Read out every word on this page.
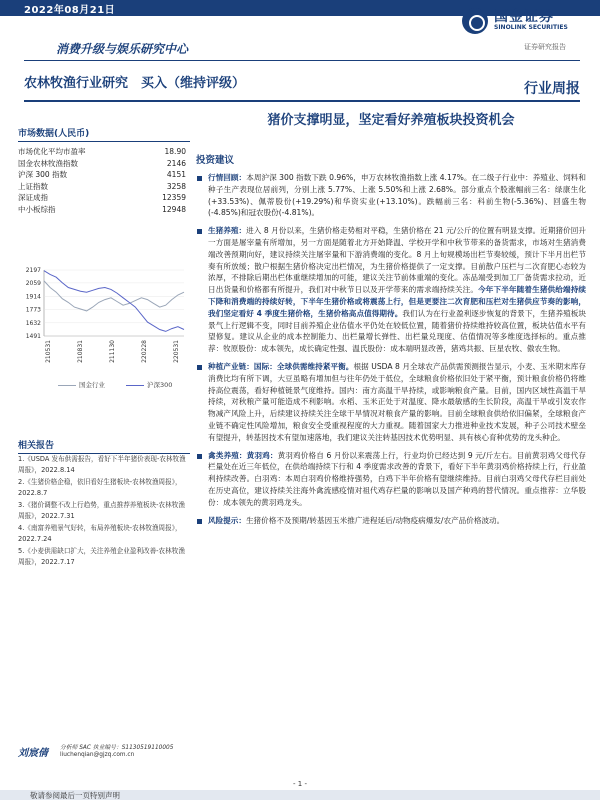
2022年08月21日	国金证券
SINOLINK SECURITIES
证券研究报告
消费升级与娱乐研究中心
农林牧渔行业研究　买入（维持评级）	行业周报
市场数据(人民币)
市场优化平均市盈率	18.90
国金农林牧渔指数	2146
沪深 300 指数	4151
上证指数	3258
深证成指	12359
中小板综指	12948
2197
2059
1914
1773
1632
1491
210531	210831	211130	220228	220531
国金行业	沪深300
相关报告
1.《USDA 发布供需报告，看好下半年猪价表现-农林牧渔周报》，2022.8.14
2.《生猪价格企稳，依旧看好生猪板块-农林牧渔周报》，2022.8.7
3.《猪价调整不改上行趋势，重点推荐养殖板块-农林牧渔周报》，2022.7.31
4.《南富养殖景气好转，布局养殖板块-农林牧渔周报》，2022.7.24
5.《小麦供需缺口扩大，关注养殖企业盈利改善-农林牧渔周报》，2022.7.17
刘宸倩 分析师 SAC 执业编号：S1130519110005
liuchenqian@gjzq.com.cn
猪价支撑明显，坚定看好养殖板块投资机会
投资建议
行情回顾：本周沪深 300 指数下跌 0.96%，申万农林牧渔指数上涨 4.17%。在二级子行业中：养殖业、饲料和种子生产表现位居前列，分别上涨 5.77%、上涨 5.50%和上涨 2.68%。部分重点个股涨幅前三名：绿康生化(+33.53%)、佩蒂股份(+19.29%)和华资实业(+13.10%)。跌幅前三名：科前生物(-5.36%)、回盛生物(-4.85%)和冠农股份(-4.81%)。
生猪养殖：进入 8 月份以来，生猪价格走势相对平稳，生猪价格在 21 元/公斤的位置有明显支撑。近期猪价回升一方面是屠宰量有所增加，另一方面是随着北方开始降温、学校开学和中秋节带来的备货需求，市场对生猪消费端改善预期向好，建议持续关注屠宰量和下游消费端的变化。8 月上旬规模场出栏节奏较缓，预计下半月出栏节奏有所放缓；散户根据生猪价格决定出栏情况，为生猪价格提供了一定支撑。目前散户压栏与二次育肥心态较为浓厚，不排除后期出栏体重继续增加的可能，建议关注节前体重端的变化。冻品端受到加工厂备货需求拉动，近日出货量和价格都有所提升，我们对中秋节日以及开学带来的需求端持续关注。今年下半年随着生猪供给端持续下降和消费端的持续好转，下半年生猪价格或将震荡上行，但是更要注二次育肥和压栏对生猪供应节奏的影响，我们坚定看好 4 季度生猪价格，生猪价格高点值得期待。我们认为在行业盈利逐步恢复的背景下，生猪养殖板块景气上行逻辑不变，同时目前养殖企业估值水平仍处在较低位置，随着猪价持续维持较高位置，板块估值水平有望修复。建议从企业的成本控制能力、出栏量增长弹性、出栏量兑现度、估值情况等多维度选择标的。重点推荐：牧原股份：成本领先，成长确定性强、温氏股份：成本端明显改善，猪鸡共振、巨星农牧、傲农生物。
种植产业链：国际：全球供需维持紧平衡。根据 USDA 8 月全球农产品供需预测报告显示，小麦、玉米期末库存消费比均有所下调，大豆虽略有增加但与往年仍处于低位，全球粮食价格依旧处于紧平衡，预计粮食价格仍将维持高位震荡，看好种植链景气度维持。国内：南方高温干旱持续，或影响粮食产量。目前，国内区域性高温干旱持续，对秋粮产量可能造成不利影响。水稻、玉米正处于对温度、降水最敏感的生长阶段，高温干旱或引发农作物减产风险上升，后续建议持续关注全球干旱情况对粮食产量的影响。目前全球粮食供给依旧偏紧，全球粮食产业链不确定性风险增加，粮食安全受重视程度的大力重视。随着国家大力推进种业技术发展，种子公司技术壁垒有望提升，转基因技术有望加速落地，我们建议关注转基因技术优势明显、具有核心育种优势的龙头种企。
禽类养殖：黄羽鸡：黄羽鸡价格自 6 月份以来震荡上行，行业均价已经达到 9 元/斤左右。目前黄羽鸡父母代存栏量处在近三年低位，在供给端持续下行和 4 季度需求改善的背景下，看好下半年黄羽鸡价格持续上行，行业盈利持续改善。白羽鸡：本周白羽鸡价格维持强势，白鸡下半年价格有望继续维持。目前白羽鸡父母代存栏目前处在历史高位，建议持续关注海外禽流感疫情对祖代鸡存栏量的影响以及国产种鸡的替代情况。重点推荐：立华股份：成本领先的黄羽鸡龙头。
风险提示：生猪价格不及预期/转基因玉米推广进程延后/动物疫病爆发/农产品价格波动。
- 1 -
敬请参阅最后一页特别声明
